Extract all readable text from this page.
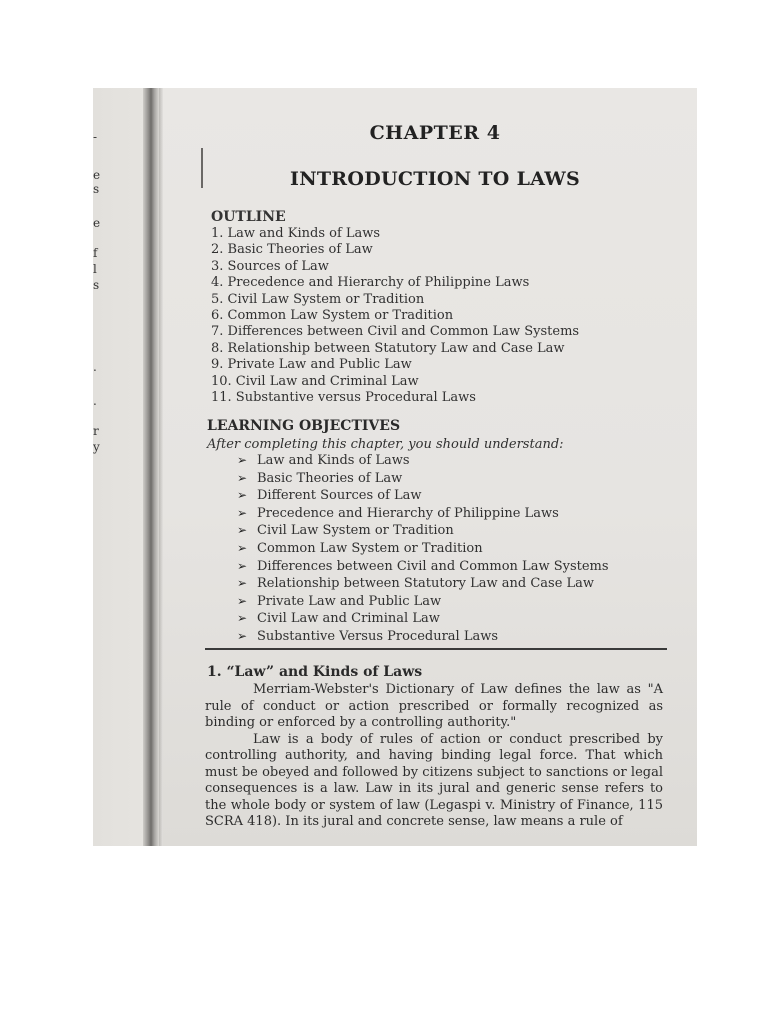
-
e
s
e
f
l
s
.
.
r
y
CHAPTER 4
INTRODUCTION TO LAWS
OUTLINE
1. Law and Kinds of Laws
2. Basic Theories of Law
3. Sources of Law
4. Precedence and Hierarchy of Philippine Laws
5. Civil Law System or Tradition
6. Common Law System or Tradition
7. Differences between Civil and Common Law Systems
8. Relationship between Statutory Law and Case Law
9. Private Law and Public Law
10. Civil Law and Criminal Law
11. Substantive versus Procedural Laws
LEARNING OBJECTIVES
After completing this chapter, you should understand:
➢ Law and Kinds of Laws
➢ Basic Theories of Law
➢ Different Sources of Law
➢ Precedence and Hierarchy of Philippine Laws
➢ Civil Law System or Tradition
➢ Common Law System or Tradition
➢ Differences between Civil and Common Law Systems
➢ Relationship between Statutory Law and Case Law
➢ Private Law and Public Law
➢ Civil Law and Criminal Law
➢ Substantive Versus Procedural Laws
1. “Law” and Kinds of Laws

Merriam-Webster's Dictionary of Law defines the law as "A rule of conduct or action prescribed or formally recognized as binding or enforced by a controlling authority."

Law is a body of rules of action or conduct prescribed by controlling authority, and having binding legal force. That which must be obeyed and followed by citizens subject to sanctions or legal consequences is a law. Law in its jural and generic sense refers to the whole body or system of law (Legaspi v. Ministry of Finance, 115 SCRA 418). In its jural and concrete sense, law means a rule of
